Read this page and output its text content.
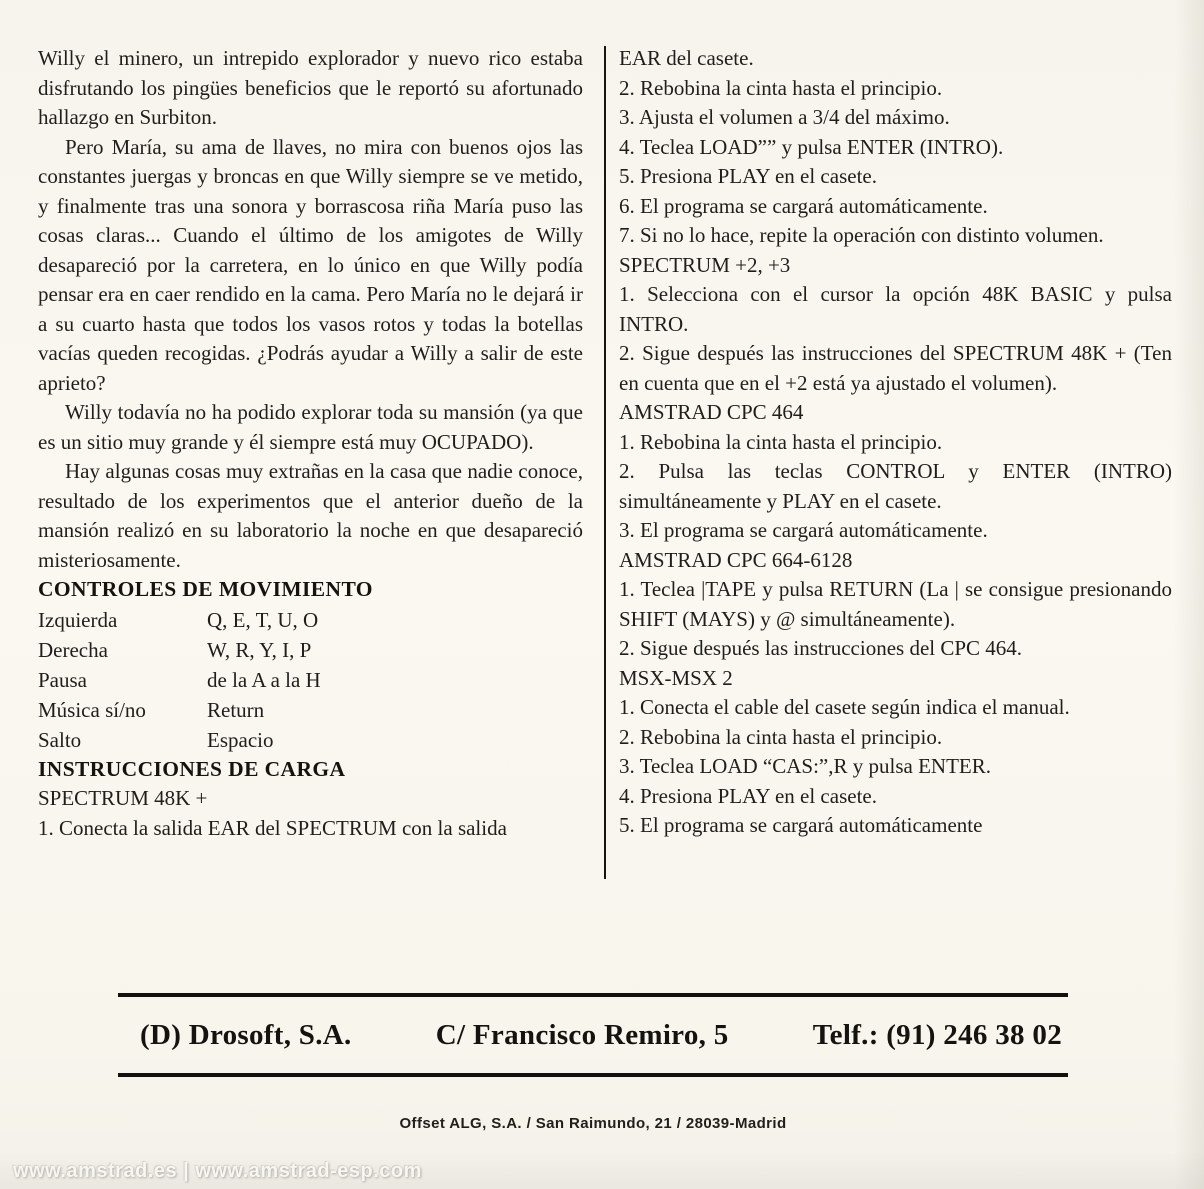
Willy el minero, un intrepido explorador y nuevo rico estaba disfrutando los pingües beneficios que le reportó su afortunado hallazgo en Surbiton.

Pero María, su ama de llaves, no mira con buenos ojos las constantes juergas y broncas en que Willy siempre se ve metido, y finalmente tras una sonora y borrascosa riña María puso las cosas claras... Cuando el último de los amigotes de Willy desapareció por la carretera, en lo único en que Willy podía pensar era en caer rendido en la cama. Pero María no le dejará ir a su cuarto hasta que todos los vasos rotos y todas la botellas vacías queden recogidas. ¿Podrás ayudar a Willy a salir de este aprieto?

Willy todavía no ha podido explorar toda su mansión (ya que es un sitio muy grande y él siempre está muy OCUPADO).

Hay algunas cosas muy extrañas en la casa que nadie conoce, resultado de los experimentos que el anterior dueño de la mansión realizó en su laboratorio la noche en que desapareció misteriosamente.

CONTROLES DE MOVIMIENTO
Izquierda	Q, E, T, U, O
Derecha	W, R, Y, I, P
Pausa	de la A a la H
Música sí/no	Return
Salto	Espacio
INSTRUCCIONES DE CARGA

SPECTRUM 48K +

1. Conecta la salida EAR del SPECTRUM con la salida

EAR del casete.

2. Rebobina la cinta hasta el principio.

3. Ajusta el volumen a 3/4 del máximo.

4. Teclea LOAD”” y pulsa ENTER (INTRO).

5. Presiona PLAY en el casete.

6. El programa se cargará automáticamente.

7. Si no lo hace, repite la operación con distinto volumen.

SPECTRUM +2, +3

1. Selecciona con el cursor la opción 48K BASIC y pulsa INTRO.

2. Sigue después las instrucciones del SPECTRUM 48K + (Ten en cuenta que en el +2 está ya ajustado el volumen).

AMSTRAD CPC 464

1. Rebobina la cinta hasta el principio.

2. Pulsa las teclas CONTROL y ENTER (INTRO) simultáneamente y PLAY en el casete.

3. El programa se cargará automáticamente.

AMSTRAD CPC 664-6128

1. Teclea |TAPE y pulsa RETURN (La | se consigue presionando SHIFT (MAYS) y @ simultáneamente).

2. Sigue después las instrucciones del CPC 464.

MSX-MSX 2

1. Conecta el cable del casete según indica el manual.

2. Rebobina la cinta hasta el principio.

3. Teclea LOAD “CAS:”,R y pulsa ENTER.

4. Presiona PLAY en el casete.

5. El programa se cargará automáticamente

(D) Drosoft, S.A.	C/ Francisco Remiro, 5	Telf.: (91) 246 38 02
Offset ALG, S.A. / San Raimundo, 21 / 28039-Madrid
www.amstrad.es | www.amstrad-esp.com
